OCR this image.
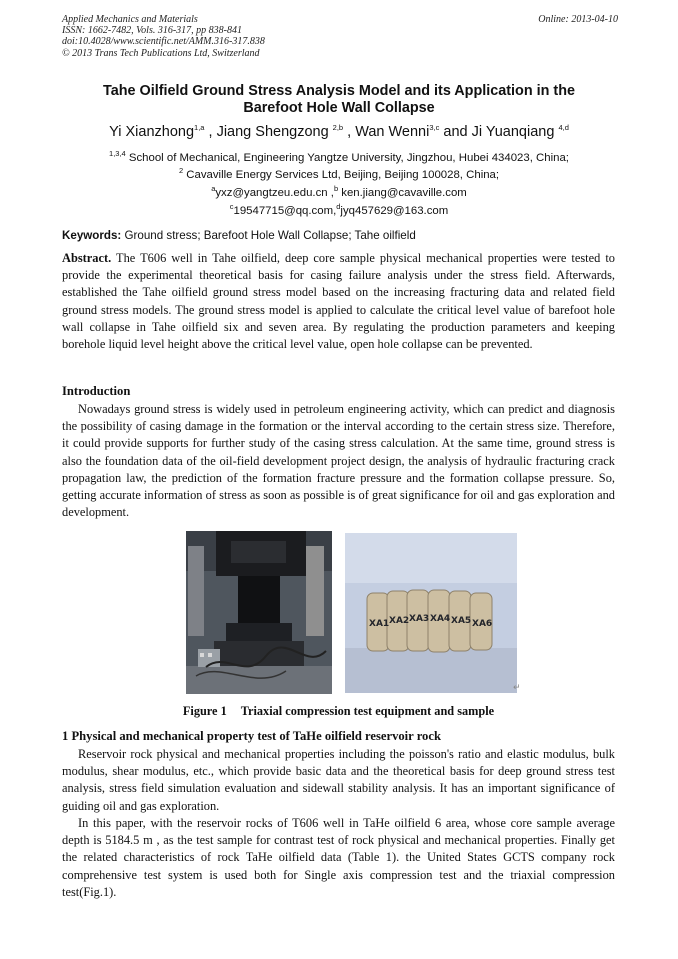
Applied Mechanics and Materials
ISSN: 1662-7482, Vols. 316-317, pp 838-841
doi:10.4028/www.scientific.net/AMM.316-317.838
© 2013 Trans Tech Publications Ltd, Switzerland
Online: 2013-04-10
Tahe Oilfield Ground Stress Analysis Model and its Application in the
Barefoot Hole Wall Collapse
Yi Xianzhong$^{1,a}$ , Jiang Shengzong $^{2,b}$ , Wan Wenni$^{3,c}$ and Ji Yuanqiang $^{4,d}$
$^{1,3,4}$ School of Mechanical, Engineering Yangtze University, Jingzhou, Hubei 434023, China;
$^2$ Cavaville Energy Services Ltd, Beijing, Beijing 100028, China;
$^a$yxz@yangtzeu.edu.cn ,$^b$ ken.jiang@cavaville.com
$^c$19547715@qq.com,$^d$jyq457629@163.com
Keywords: Ground stress; Barefoot Hole Wall Collapse; Tahe oilfield
Abstract. The T606 well in Tahe oilfield, deep core sample physical mechanical properties were tested to provide the experimental theoretical basis for casing failure analysis under the stress field. Afterwards, established the Tahe oilfield ground stress model based on the increasing fracturing data and related field ground stress models. The ground stress model is applied to calculate the critical level value of barefoot hole wall collapse in Tahe oilfield six and seven area. By regulating the production parameters and keeping borehole liquid level height above the critical level value, open hole collapse can be prevented.
Introduction
Nowadays ground stress is widely used in petroleum engineering activity, which can predict and diagnosis the possibility of casing damage in the formation or the interval according to the certain stress size. Therefore, it could provide supports for further study of the casing stress calculation. At the same time, ground stress is also the foundation data of the oil-field development project design, the analysis of hydraulic fracturing crack propagation law, the prediction of the formation fracture pressure and the formation collapse pressure. So, getting accurate information of stress as soon as possible is of great significance for oil and gas exploration and development.
XA1 XA2 XA3 XA4 XA5 XA6
↵
Figure 1 Triaxial compression test equipment and sample
1 Physical and mechanical property test of TaHe oilfield reservoir rock
Reservoir rock physical and mechanical properties including the poisson's ratio and elastic modulus, bulk modulus, shear modulus, etc., which provide basic data and the theoretical basis for deep ground stress test analysis, stress field simulation evaluation and sidewall stability analysis. It has an important significance of guiding oil and gas exploration.
In this paper, with the reservoir rocks of T606 well in TaHe oilfield 6 area, whose core sample average depth is 5184.5 m , as the test sample for contrast test of rock physical and mechanical properties. Finally get the related characteristics of rock TaHe oilfield data (Table 1). the United States GCTS company rock comprehensive test system is used both for Single axis compression test and the triaxial compression test(Fig.1).
